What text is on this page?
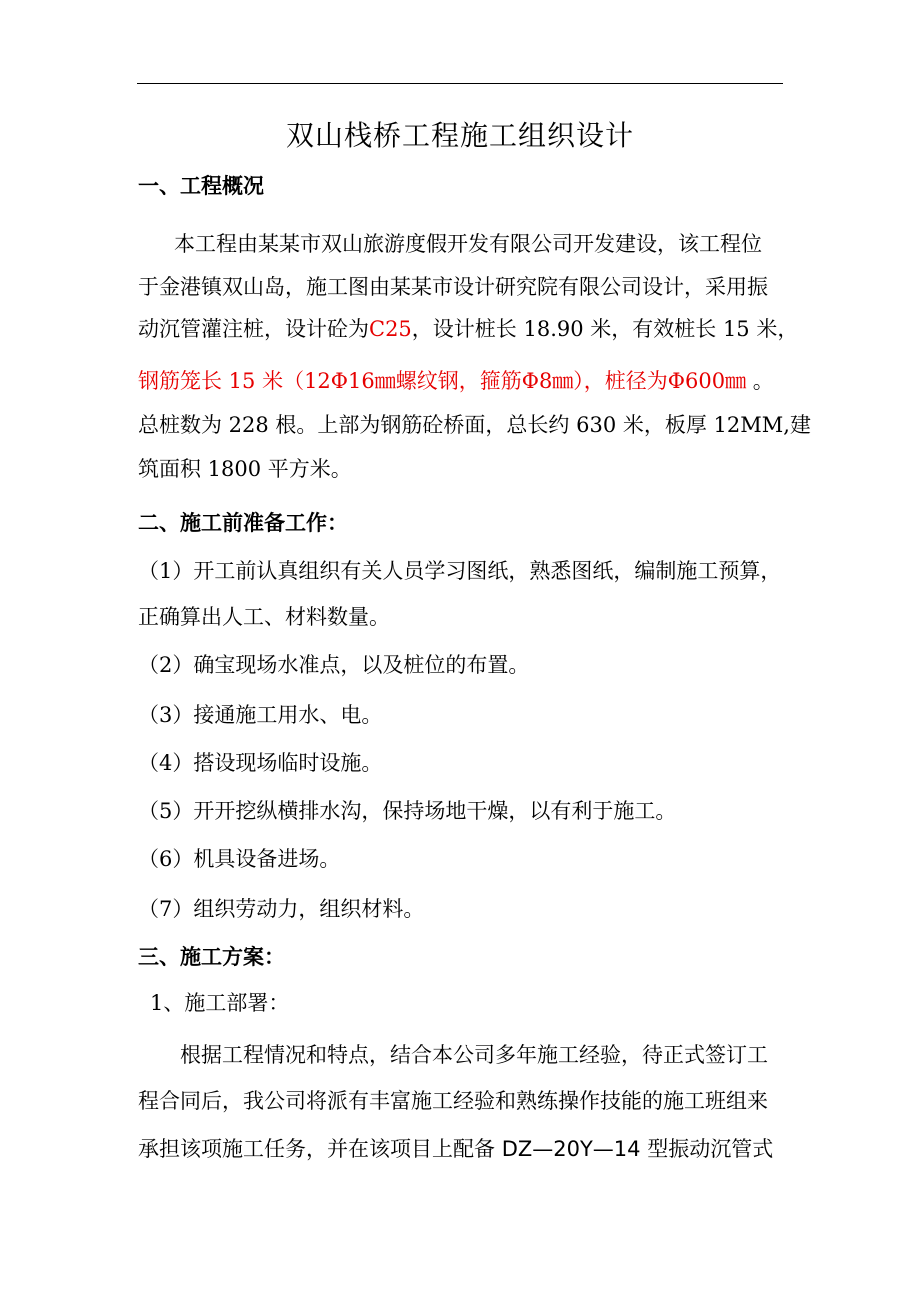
双山栈桥工程施工组织设计
一、工程概况
本工程由某某市双山旅游度假开发有限公司开发建设，该工程位
于金港镇双山岛，施工图由某某市设计研究院有限公司设计，采用振
动沉管灌注桩，设计砼为C25，设计桩长 18.90 米，有效桩长 15 米，
钢筋笼长 15 米（12Φ16㎜螺纹钢，箍筋Φ8㎜），桩径为Φ600㎜ 。
总桩数为 228 根。上部为钢筋砼桥面，总长约 630 米，板厚 12MM,建
筑面积 1800 平方米。
二、施工前准备工作：
（1）开工前认真组织有关人员学习图纸，熟悉图纸，编制施工预算，
正确算出人工、材料数量。
（2）确宝现场水准点，以及桩位的布置。
（3）接通施工用水、电。
（4）搭设现场临时设施。
（5）开开挖纵横排水沟，保持场地干燥，以有利于施工。
（6）机具设备进场。
（7）组织劳动力，组织材料。
三、施工方案：
1、施工部署：
根据工程情况和特点，结合本公司多年施工经验，待正式签订工
程合同后，我公司将派有丰富施工经验和熟练操作技能的施工班组来
承担该项施工任务，并在该项目上配备 DZ—20Y—14 型振动沉管式
